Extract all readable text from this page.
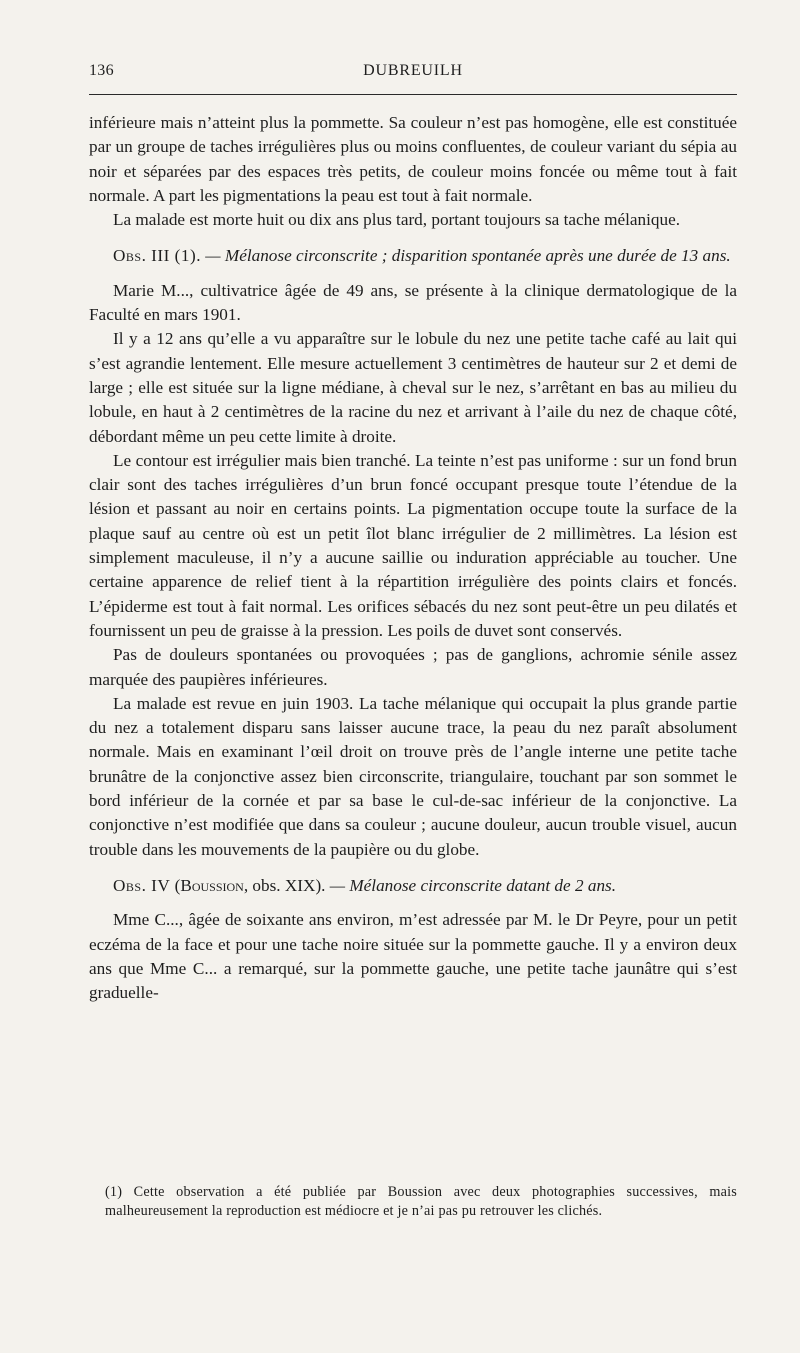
136	DUBREUILH

inférieure mais n’atteint plus la pommette. Sa couleur n’est pas homogène, elle est constituée par un groupe de taches irrégulières plus ou moins confluentes, de couleur variant du sépia au noir et séparées par des espaces très petits, de couleur moins foncée ou même tout à fait normale. A part les pigmentations la peau est tout à fait normale.

La malade est morte huit ou dix ans plus tard, portant toujours sa tache mélanique.

Obs. III (1). — Mélanose circonscrite ; disparition spontanée après une durée de 13 ans.

Marie M..., cultivatrice âgée de 49 ans, se présente à la clinique dermatologique de la Faculté en mars 1901.

Il y a 12 ans qu’elle a vu apparaître sur le lobule du nez une petite tache café au lait qui s’est agrandie lentement. Elle mesure actuellement 3 centimètres de hauteur sur 2 et demi de large ; elle est située sur la ligne médiane, à cheval sur le nez, s’arrêtant en bas au milieu du lobule, en haut à 2 centimètres de la racine du nez et arrivant à l’aile du nez de chaque côté, débordant même un peu cette limite à droite.

Le contour est irrégulier mais bien tranché. La teinte n’est pas uniforme : sur un fond brun clair sont des taches irrégulières d’un brun foncé occupant presque toute l’étendue de la lésion et passant au noir en certains points. La pigmentation occupe toute la surface de la plaque sauf au centre où est un petit îlot blanc irrégulier de 2 millimètres. La lésion est simplement maculeuse, il n’y a aucune saillie ou induration appréciable au toucher. Une certaine apparence de relief tient à la répartition irrégulière des points clairs et foncés. L’épiderme est tout à fait normal. Les orifices sébacés du nez sont peut-être un peu dilatés et fournissent un peu de graisse à la pression. Les poils de duvet sont conservés.

Pas de douleurs spontanées ou provoquées ; pas de ganglions, achromie sénile assez marquée des paupières inférieures.

La malade est revue en juin 1903. La tache mélanique qui occupait la plus grande partie du nez a totalement disparu sans laisser aucune trace, la peau du nez paraît absolument normale. Mais en examinant l’œil droit on trouve près de l’angle interne une petite tache brunâtre de la conjonctive assez bien circonscrite, triangulaire, touchant par son sommet le bord inférieur de la cornée et par sa base le cul-de-sac inférieur de la conjonctive. La conjonctive n’est modifiée que dans sa couleur ; aucune douleur, aucun trouble visuel, aucun trouble dans les mouvements de la paupière ou du globe.

Obs. IV (Boussion, obs. XIX). — Mélanose circonscrite datant de 2 ans.

Mme C..., âgée de soixante ans environ, m’est adressée par M. le Dr Peyre, pour un petit eczéma de la face et pour une tache noire située sur la pommette gauche. Il y a environ deux ans que Mme C... a remarqué, sur la pommette gauche, une petite tache jaunâtre qui s’est graduelle-

(1) Cette observation a été publiée par Boussion avec deux photographies successives, mais malheureusement la reproduction est médiocre et je n’ai pas pu retrouver les clichés.
